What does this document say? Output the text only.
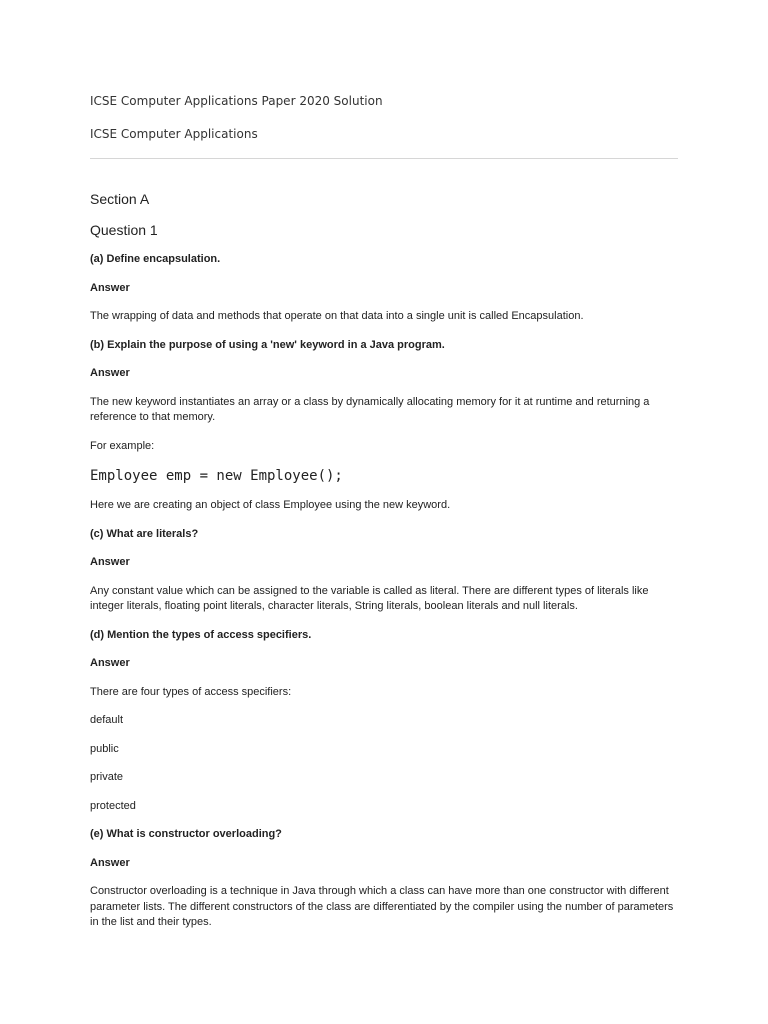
ICSE Computer Applications Paper 2020 Solution
ICSE Computer Applications
Section A
Question 1
(a) Define encapsulation.
Answer
The wrapping of data and methods that operate on that data into a single unit is called Encapsulation.
(b) Explain the purpose of using a 'new' keyword in a Java program.
Answer
The new keyword instantiates an array or a class by dynamically allocating memory for it at runtime and returning a reference to that memory.
For example:
Employee emp = new Employee();
Here we are creating an object of class Employee using the new keyword.
(c) What are literals?
Answer
Any constant value which can be assigned to the variable is called as literal. There are different types of literals like integer literals, floating point literals, character literals, String literals, boolean literals and null literals.
(d) Mention the types of access specifiers.
Answer
There are four types of access specifiers:
default
public
private
protected
(e) What is constructor overloading?
Answer
Constructor overloading is a technique in Java through which a class can have more than one constructor with different parameter lists. The different constructors of the class are differentiated by the compiler using the number of parameters in the list and their types.
